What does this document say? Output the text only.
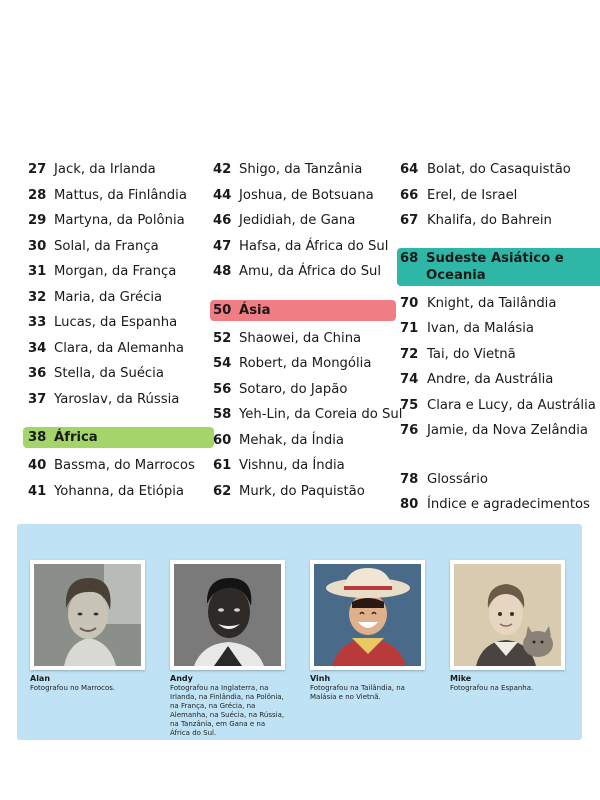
27 Jack, da Irlanda
28 Mattus, da Finlândia
29 Martyna, da Polônia
30 Solal, da França
31 Morgan, da França
32 Maria, da Grécia
33 Lucas, da Espanha
34 Clara, da Alemanha
36 Stella, da Suécia
37 Yaroslav, da Rússia
38 África
40 Bassma, do Marrocos
41 Yohanna, da Etiópia
42 Shigo, da Tanzânia
44 Joshua, de Botsuana
46 Jedidiah, de Gana
47 Hafsa, da África do Sul
48 Amu, da África do Sul
50 Ásia
52 Shaowei, da China
54 Robert, da Mongólia
56 Sotaro, do Japão
58 Yeh-Lin, da Coreia do Sul
60 Mehak, da Índia
61 Vishnu, da Índia
62 Murk, do Paquistão
64 Bolat, do Casaquistão
66 Erel, de Israel
67 Khalifa, do Bahrein
68 Sudeste Asiático e Oceania
70 Knight, da Tailândia
71 Ivan, da Malásia
72 Tai, do Vietnã
74 Andre, da Austrália
75 Clara e Lucy, da Austrália
76 Jamie, da Nova Zelândia
78 Glossário
80 Índice e agradecimentos
Alan
Fotografou no Marrocos.
Andy
Fotografou na Inglaterra, na Irlanda, na Finlândia, na Polônia, na França, na Grécia, na Alemanha, na Suécia, na Rússia, na Tanzânia, em Gana e na África do Sul.
Vinh
Fotografou na Tailândia, na Malásia e no Vietnã.
Mike
Fotografou na Espanha.
